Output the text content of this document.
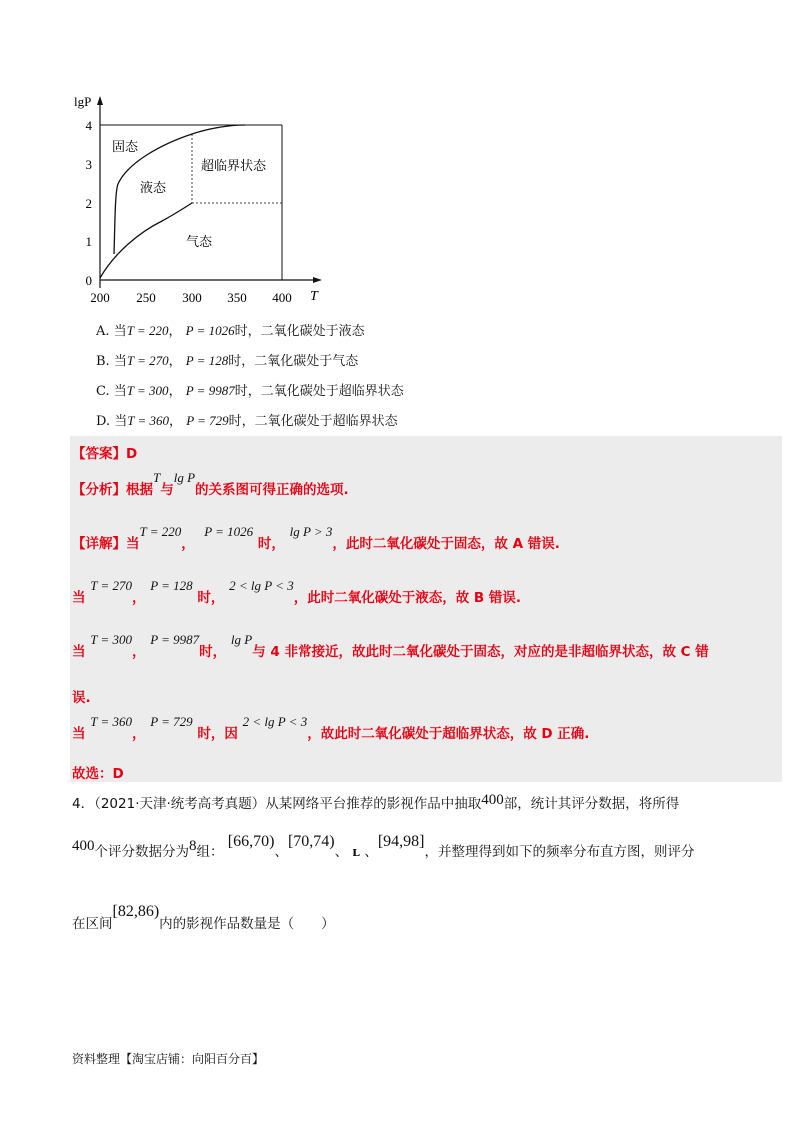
0
1
2
3
4
200 250 300 350 400
lgP
T
固态
液态
超临界状态
气态
A. 当T = 220， P = 1026时，二氧化碳处于液态
B. 当T = 270， P = 128时，二氧化碳处于气态
C. 当T = 300， P = 9987时，二氧化碳处于超临界状态
D. 当T = 360， P = 729时，二氧化碳处于超临界状态
【答案】D
【分析】根据T与lg P的关系图可得正确的选项.
【详解】当T = 220，  P = 1026 时， lg P > 3，此时二氧化碳处于固态，故 A 错误.
当 T = 270， P = 128 时， 2 < lg P < 3，此时二氧化碳处于液态，故 B 错误.
当 T = 300， P = 9987时， lg P与 4 非常接近，故此时二氧化碳处于固态，对应的是非超临界状态，故 C 错
误.
当 T = 360， P = 729 时，因 2 < lg P < 3，故此时二氧化碳处于超临界状态，故 D 正确.
故选：D
4．（2021·天津·统考高考真题）从某网络平台推荐的影视作品中抽取400部，统计其评分数据，将所得
400个评分数据分为8组： [66,70)、[70,74)、 ʟ 、[94,98]，并整理得到如下的频率分布直方图，则评分
在区间[82,86)内的影视作品数量是（　　）
资料整理【淘宝店铺：向阳百分百】
